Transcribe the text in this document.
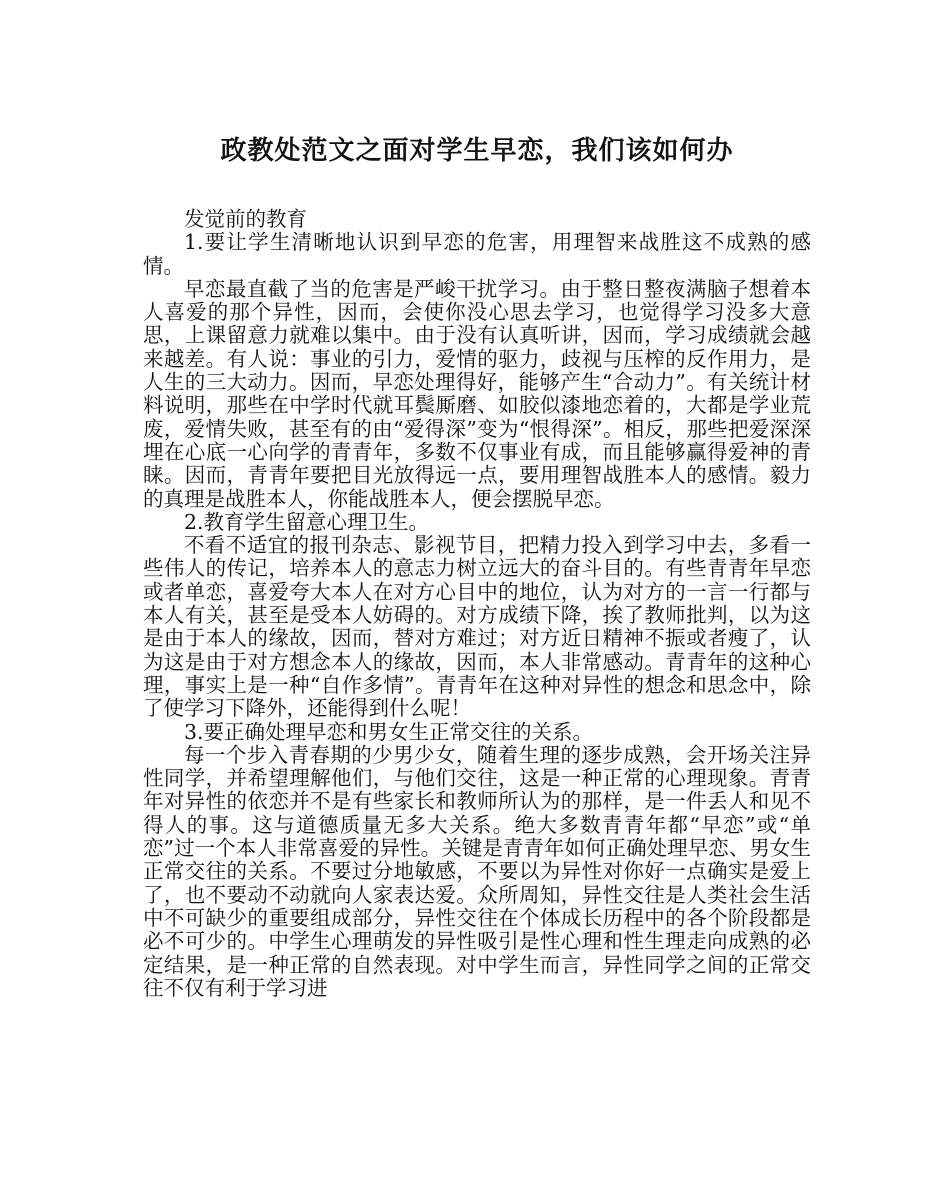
政教处范文之面对学生早恋，我们该如何办

发觉前的教育

1.要让学生清晰地认识到早恋的危害，用理智来战胜这不成熟的感情。

早恋最直截了当的危害是严峻干扰学习。由于整日整夜满脑子想着本人喜爱的那个异性，因而，会使你没心思去学习，也觉得学习没多大意思，上课留意力就难以集中。由于没有认真听讲，因而，学习成绩就会越来越差。有人说：事业的引力，爱情的驱力，歧视与压榨的反作用力，是人生的三大动力。因而，早恋处理得好，能够产生“合动力”。有关统计材料说明，那些在中学时代就耳鬓厮磨、如胶似漆地恋着的，大都是学业荒废，爱情失败，甚至有的由“爱得深”变为“恨得深”。相反，那些把爱深深埋在心底一心向学的青青年，多数不仅事业有成，而且能够赢得爱神的青睐。因而，青青年要把目光放得远一点，要用理智战胜本人的感情。毅力的真理是战胜本人，你能战胜本人，便会摆脱早恋。

2.教育学生留意心理卫生。

不看不适宜的报刊杂志、影视节目，把精力投入到学习中去，多看一些伟人的传记，培养本人的意志力树立远大的奋斗目的。有些青青年早恋或者单恋，喜爱夸大本人在对方心目中的地位，认为对方的一言一行都与本人有关，甚至是受本人妨碍的。对方成绩下降，挨了教师批判，以为这是由于本人的缘故，因而，替对方难过；对方近日精神不振或者瘦了，认为这是由于对方想念本人的缘故，因而，本人非常感动。青青年的这种心理，事实上是一种“自作多情”。青青年在这种对异性的想念和思念中，除了使学习下降外，还能得到什么呢！

3.要正确处理早恋和男女生正常交往的关系。

每一个步入青春期的少男少女，随着生理的逐步成熟，会开场关注异性同学，并希望理解他们，与他们交往，这是一种正常的心理现象。青青年对异性的依恋并不是有些家长和教师所认为的那样，是一件丢人和见不得人的事。这与道德质量无多大关系。绝大多数青青年都“早恋”或“单恋”过一个本人非常喜爱的异性。关键是青青年如何正确处理早恋、男女生正常交往的关系。不要过分地敏感，不要以为异性对你好一点确实是爱上了，也不要动不动就向人家表达爱。众所周知，异性交往是人类社会生活中不可缺少的重要组成部分，异性交往在个体成长历程中的各个阶段都是必不可少的。中学生心理萌发的异性吸引是性心理和性生理走向成熟的必定结果，是一种正常的自然表现。对中学生而言，异性同学之间的正常交往不仅有利于学习进
